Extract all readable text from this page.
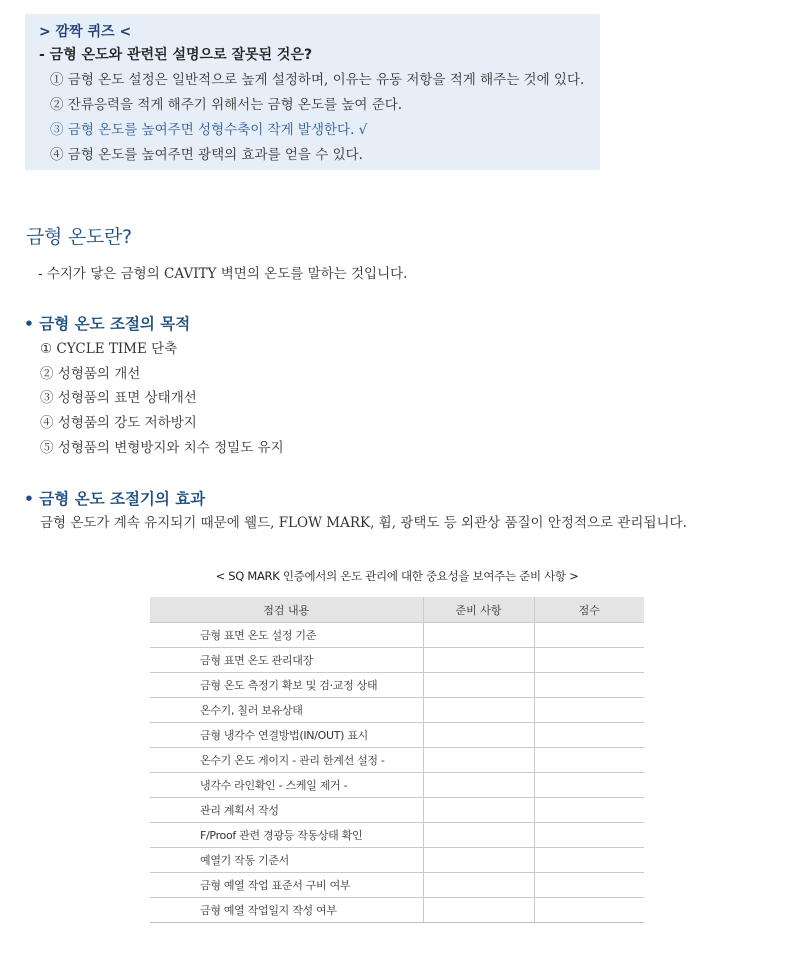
> 깜짝 퀴즈 <
- 금형 온도와 관련된 설명으로 잘못된 것은?
① 금형 온도 설정은 일반적으로 높게 설정하며, 이유는 유동 저항을 적게 해주는 것에 있다.
② 잔류응력을 적게 해주기 위해서는 금형 온도를 높여 준다.
③ 금형 온도를 높여주면 성형수축이 작게 발생한다. √
④ 금형 온도를 높여주면 광택의 효과를 얻을 수 있다.
금형 온도란?
- 수지가 닿은 금형의 CAVITY 벽면의 온도를 말하는 것입니다.
• 금형 온도 조절의 목적
① CYCLE TIME 단축
② 성형품의 개선
③ 성형품의 표면 상태개선
④ 성형품의 강도 저하방지
⑤ 성형품의 변형방지와 치수 정밀도 유지
• 금형 온도 조절기의 효과
금형 온도가 계속 유지되기 때문에 웰드, FLOW MARK, 휨, 광택도 등 외관상 품질이 안정적으로 관리됩니다.
< SQ MARK 인증에서의 온도 관리에 대한 중요성을 보여주는 준비 사항 >
점검 내용	준비 사항	점수
금형 표면 온도 설정 기준		
금형 표면 온도 관리대장		
금형 온도 측정기 확보 및 검·교정 상태		
온수기, 칠러 보유상태		
금형 냉각수 연결방법(IN/OUT) 표시		
온수기 온도 게이지 - 관리 한계선 설정 -		
냉각수 라인확인 - 스케일 제거 -		
관리 계획서 작성		
F/Proof 관련 경광등 작동상태 확인		
예열기 작동 기준서		
금형 예열 작업 표준서 구비 여부		
금형 예열 작업일지 작성 여부		
